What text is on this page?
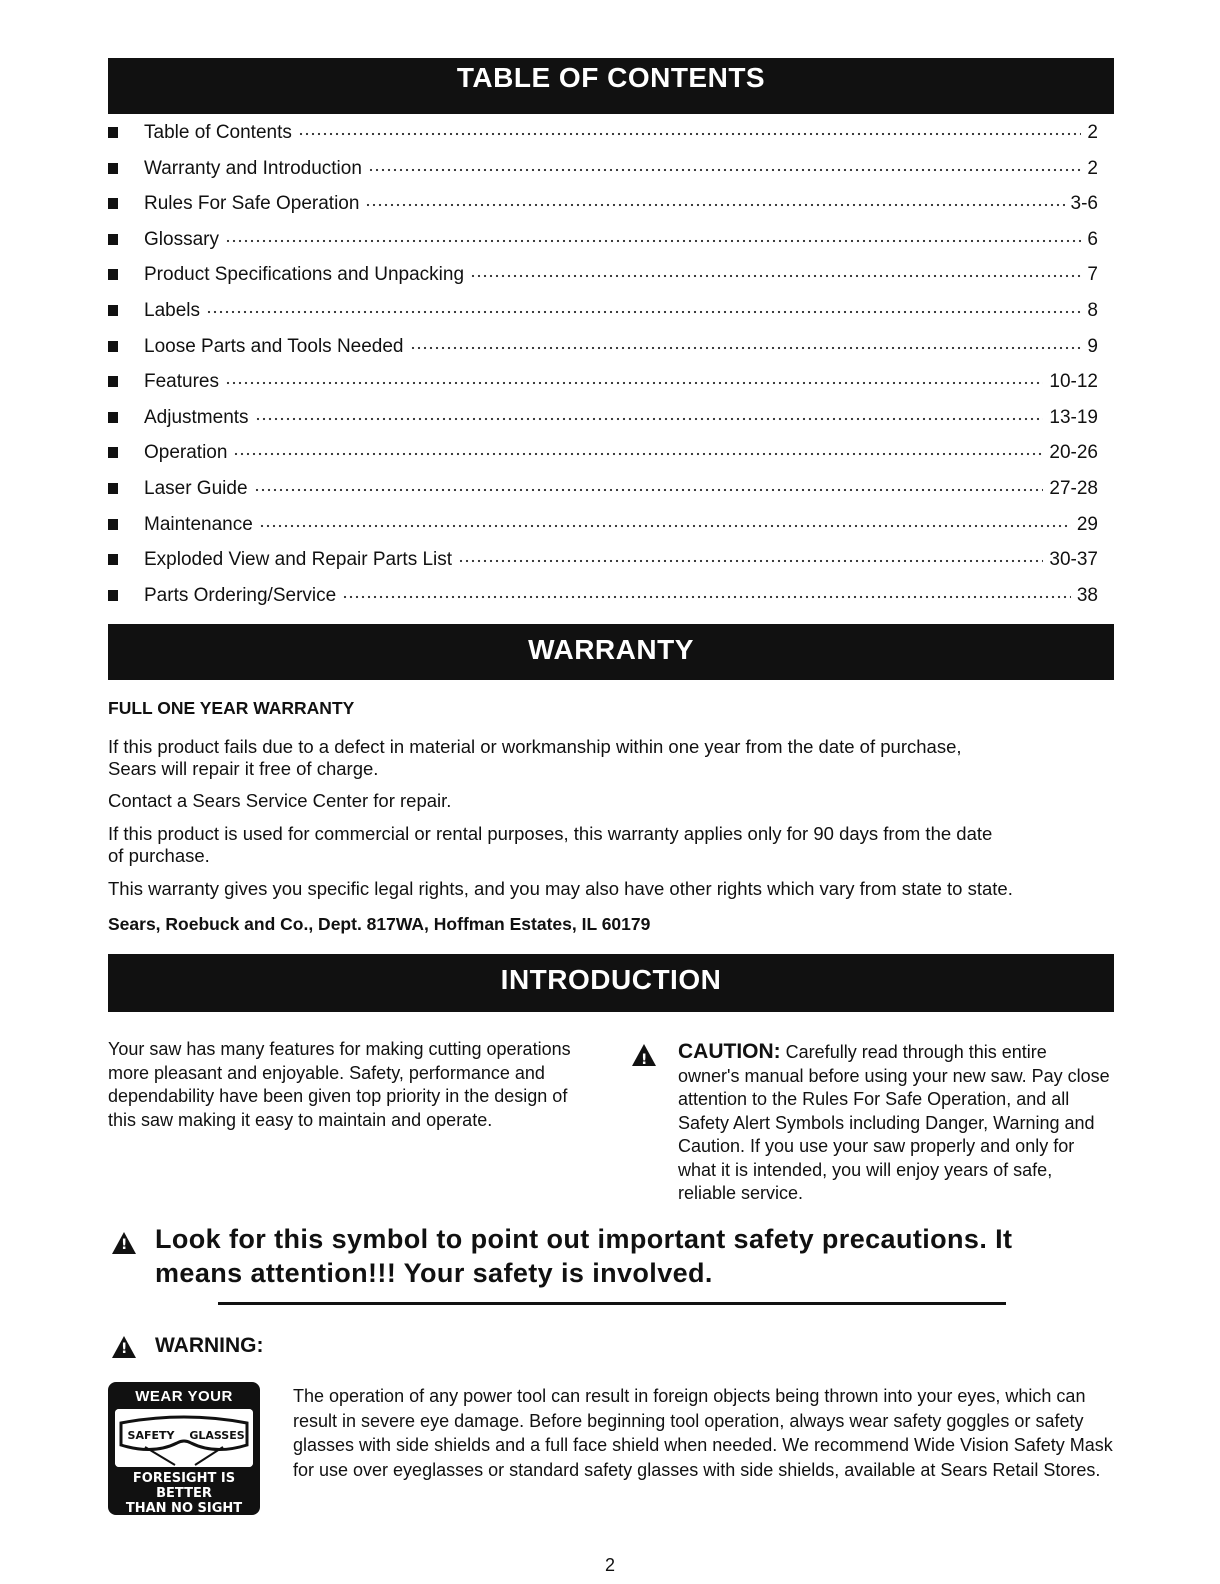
TABLE OF CONTENTS
Table of Contents	2
Warranty and Introduction	2
Rules For Safe Operation	3-6
Glossary	6
Product Specifications and Unpacking	7
Labels	8
Loose Parts and Tools Needed	9
Features	10-12
Adjustments	13-19
Operation	20-26
Laser Guide	27-28
Maintenance	29
Exploded View and Repair Parts List	30-37
Parts Ordering/Service	38
WARRANTY
FULL ONE YEAR WARRANTY
If this product fails due to a defect in material or workmanship within one year from the date of purchase,
Sears will repair it free of charge.
Contact a Sears Service Center for repair.
If this product is used for commercial or rental purposes, this warranty applies only for 90 days from the date
of purchase.
This warranty gives you specific legal rights, and you may also have other rights which vary from state to state.
Sears, Roebuck and Co., Dept. 817WA, Hoffman Estates, IL 60179
INTRODUCTION
Your saw has many features for making cutting operations more pleasant and enjoyable. Safety, performance and dependability have been given top priority in the design of this saw making it easy to maintain and operate.
!
CAUTION: Carefully read through this entire owner's manual before using your new saw. Pay close attention to the Rules For Safe Operation, and all Safety Alert Symbols including Danger, Warning and Caution. If you use your saw properly and only for what it is intended, you will enjoy years of safe, reliable service.
!
Look for this symbol to point out important safety precautions. It
means attention!!! Your safety is involved.
!
WARNING:
WEAR YOUR
SAFETY GLASSES
FORESIGHT IS BETTER
THAN NO SIGHT
The operation of any power tool can result in foreign objects being thrown into your eyes, which can result in severe eye damage. Before beginning tool operation, always wear safety goggles or safety glasses with side shields and a full face shield when needed. We recommend Wide Vision Safety Mask for use over eyeglasses or standard safety glasses with side shields, available at Sears Retail Stores.
2
